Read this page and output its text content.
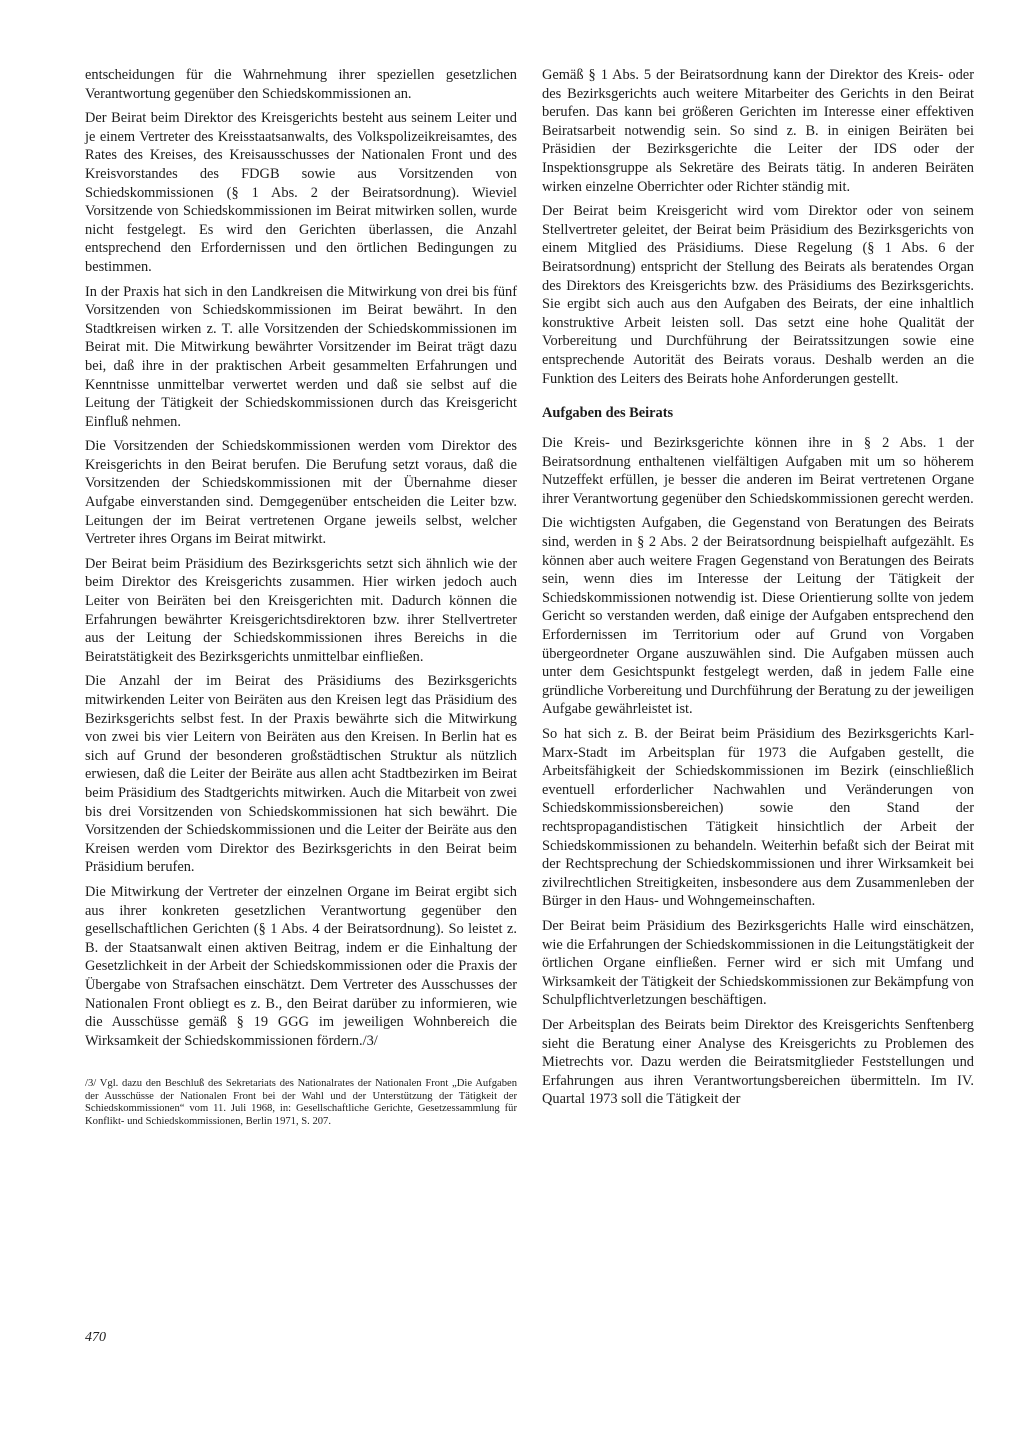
entscheidungen für die Wahrnehmung ihrer speziellen gesetzlichen Verantwortung gegenüber den Schiedskommissionen an.

Der Beirat beim Direktor des Kreisgerichts besteht aus seinem Leiter und je einem Vertreter des Kreisstaatsanwalts, des Volkspolizeikreisamtes, des Rates des Kreises, des Kreisausschusses der Nationalen Front und des Kreisvorstandes des FDGB sowie aus Vorsitzenden von Schiedskommissionen (§ 1 Abs. 2 der Beiratsordnung). Wieviel Vorsitzende von Schiedskommissionen im Beirat mitwirken sollen, wurde nicht festgelegt. Es wird den Gerichten überlassen, die Anzahl entsprechend den Erfordernissen und den örtlichen Bedingungen zu bestimmen.

In der Praxis hat sich in den Landkreisen die Mitwirkung von drei bis fünf Vorsitzenden von Schiedskommissionen im Beirat bewährt. In den Stadtkreisen wirken z. T. alle Vorsitzenden der Schiedskommissionen im Beirat mit. Die Mitwirkung bewährter Vorsitzender im Beirat trägt dazu bei, daß ihre in der praktischen Arbeit gesammelten Erfahrungen und Kenntnisse unmittelbar verwertet werden und daß sie selbst auf die Leitung der Tätigkeit der Schiedskommissionen durch das Kreisgericht Einfluß nehmen.

Die Vorsitzenden der Schiedskommissionen werden vom Direktor des Kreisgerichts in den Beirat berufen. Die Berufung setzt voraus, daß die Vorsitzenden der Schiedskommissionen mit der Übernahme dieser Aufgabe einverstanden sind. Demgegenüber entscheiden die Leiter bzw. Leitungen der im Beirat vertretenen Organe jeweils selbst, welcher Vertreter ihres Organs im Beirat mitwirkt.

Der Beirat beim Präsidium des Bezirksgerichts setzt sich ähnlich wie der beim Direktor des Kreisgerichts zusammen. Hier wirken jedoch auch Leiter von Beiräten bei den Kreisgerichten mit. Dadurch können die Erfahrungen bewährter Kreisgerichtsdirektoren bzw. ihrer Stellvertreter aus der Leitung der Schiedskommissionen ihres Bereichs in die Beiratstätigkeit des Bezirksgerichts unmittelbar einfließen.

Die Anzahl der im Beirat des Präsidiums des Bezirksgerichts mitwirkenden Leiter von Beiräten aus den Kreisen legt das Präsidium des Bezirksgerichts selbst fest. In der Praxis bewährte sich die Mitwirkung von zwei bis vier Leitern von Beiräten aus den Kreisen. In Berlin hat es sich auf Grund der besonderen großstädtischen Struktur als nützlich erwiesen, daß die Leiter der Beiräte aus allen acht Stadtbezirken im Beirat beim Präsidium des Stadtgerichts mitwirken. Auch die Mitarbeit von zwei bis drei Vorsitzenden von Schiedskommissionen hat sich bewährt. Die Vorsitzenden der Schiedskommissionen und die Leiter der Beiräte aus den Kreisen werden vom Direktor des Bezirksgerichts in den Beirat beim Präsidium berufen.

Die Mitwirkung der Vertreter der einzelnen Organe im Beirat ergibt sich aus ihrer konkreten gesetzlichen Verantwortung gegenüber den gesellschaftlichen Gerichten (§ 1 Abs. 4 der Beiratsordnung). So leistet z. B. der Staatsanwalt einen aktiven Beitrag, indem er die Einhaltung der Gesetzlichkeit in der Arbeit der Schiedskommissionen oder die Praxis der Übergabe von Strafsachen einschätzt. Dem Vertreter des Ausschusses der Nationalen Front obliegt es z. B., den Beirat darüber zu informieren, wie die Ausschüsse gemäß § 19 GGG im jeweiligen Wohnbereich die Wirksamkeit der Schiedskommissionen fördern./3/

/3/ Vgl. dazu den Beschluß des Sekretariats des Nationalrates der Nationalen Front „Die Aufgaben der Ausschüsse der Nationalen Front bei der Wahl und der Unterstützung der Tätigkeit der Schiedskommissionen“ vom 11. Juli 1968, in: Gesellschaftliche Gerichte, Gesetzessammlung für Konflikt- und Schiedskommissionen, Berlin 1971, S. 207.

Gemäß § 1 Abs. 5 der Beiratsordnung kann der Direktor des Kreis- oder des Bezirksgerichts auch weitere Mitarbeiter des Gerichts in den Beirat berufen. Das kann bei größeren Gerichten im Interesse einer effektiven Beiratsarbeit notwendig sein. So sind z. B. in einigen Beiräten bei Präsidien der Bezirksgerichte die Leiter der IDS oder der Inspektionsgruppe als Sekretäre des Beirats tätig. In anderen Beiräten wirken einzelne Oberrichter oder Richter ständig mit.

Der Beirat beim Kreisgericht wird vom Direktor oder von seinem Stellvertreter geleitet, der Beirat beim Präsidium des Bezirksgerichts von einem Mitglied des Präsidiums. Diese Regelung (§ 1 Abs. 6 der Beiratsordnung) entspricht der Stellung des Beirats als beratendes Organ des Direktors des Kreisgerichts bzw. des Präsidiums des Bezirksgerichts. Sie ergibt sich auch aus den Aufgaben des Beirats, der eine inhaltlich konstruktive Arbeit leisten soll. Das setzt eine hohe Qualität der Vorbereitung und Durchführung der Beiratssitzungen sowie eine entsprechende Autorität des Beirats voraus. Deshalb werden an die Funktion des Leiters des Beirats hohe Anforderungen gestellt.

Aufgaben des Beirats

Die Kreis- und Bezirksgerichte können ihre in § 2 Abs. 1 der Beiratsordnung enthaltenen vielfältigen Aufgaben mit um so höherem Nutzeffekt erfüllen, je besser die anderen im Beirat vertretenen Organe ihrer Verantwortung gegenüber den Schiedskommissionen gerecht werden.

Die wichtigsten Aufgaben, die Gegenstand von Beratungen des Beirats sind, werden in § 2 Abs. 2 der Beiratsordnung beispielhaft aufgezählt. Es können aber auch weitere Fragen Gegenstand von Beratungen des Beirats sein, wenn dies im Interesse der Leitung der Tätigkeit der Schiedskommissionen notwendig ist. Diese Orientierung sollte von jedem Gericht so verstanden werden, daß einige der Aufgaben entsprechend den Erfordernissen im Territorium oder auf Grund von Vorgaben übergeordneter Organe auszuwählen sind. Die Aufgaben müssen auch unter dem Gesichtspunkt festgelegt werden, daß in jedem Falle eine gründliche Vorbereitung und Durchführung der Beratung zu der jeweiligen Aufgabe gewährleistet ist.

So hat sich z. B. der Beirat beim Präsidium des Bezirksgerichts Karl-Marx-Stadt im Arbeitsplan für 1973 die Aufgaben gestellt, die Arbeitsfähigkeit der Schiedskommissionen im Bezirk (einschließlich eventuell erforderlicher Nachwahlen und Veränderungen von Schiedskommissionsbereichen) sowie den Stand der rechtspropagandistischen Tätigkeit hinsichtlich der Arbeit der Schiedskommissionen zu behandeln. Weiterhin befaßt sich der Beirat mit der Rechtsprechung der Schiedskommissionen und ihrer Wirksamkeit bei zivilrechtlichen Streitigkeiten, insbesondere aus dem Zusammenleben der Bürger in den Haus- und Wohngemeinschaften.

Der Beirat beim Präsidium des Bezirksgerichts Halle wird einschätzen, wie die Erfahrungen der Schiedskommissionen in die Leitungstätigkeit der örtlichen Organe einfließen. Ferner wird er sich mit Umfang und Wirksamkeit der Tätigkeit der Schiedskommissionen zur Bekämpfung von Schulpflichtverletzungen beschäftigen.

Der Arbeitsplan des Beirats beim Direktor des Kreisgerichts Senftenberg sieht die Beratung einer Analyse des Kreisgerichts zu Problemen des Mietrechts vor. Dazu werden die Beiratsmitglieder Feststellungen und Erfahrungen aus ihren Verantwortungsbereichen übermitteln. Im IV. Quartal 1973 soll die Tätigkeit der

470
